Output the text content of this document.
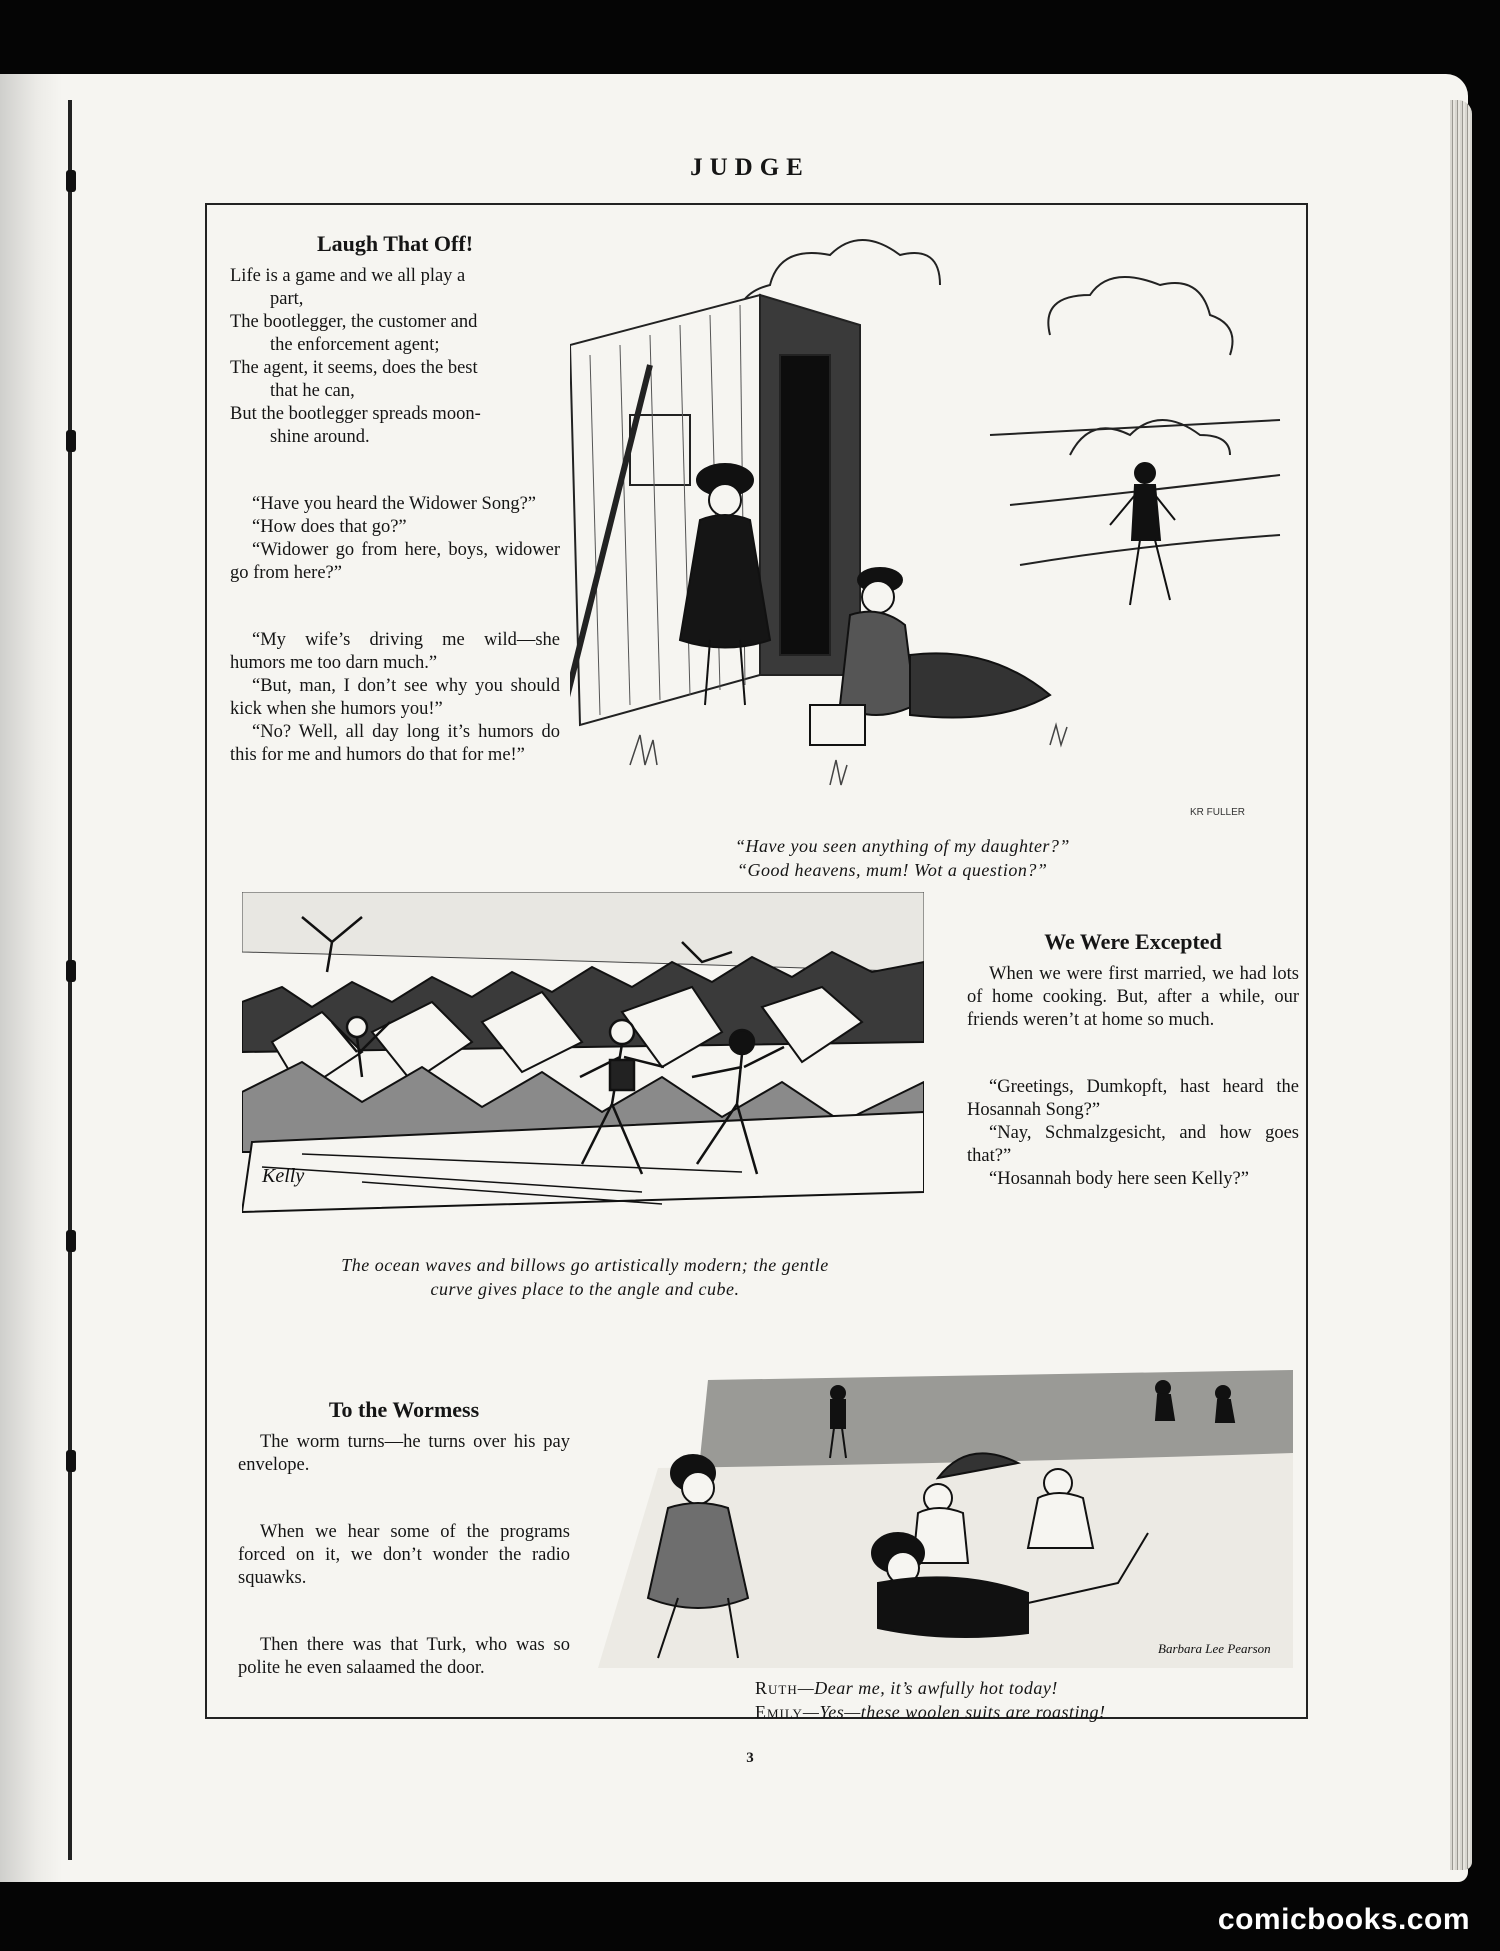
JUDGE
Laugh That Off!
Life is a game and we all play a
part,
The bootlegger, the customer and
the enforcement agent;
The agent, it seems, does the best
that he can,
But the bootlegger spreads moon-
shine around.

“Have you heard the Widower Song?”
“How does that go?”
“Widower go from here, boys, widower go from here?”

“My wife’s driving me wild—she humors me too darn much.”
“But, man, I don’t see why you should kick when she humors you!”
“No? Well, all day long it’s humors do this for me and humors do that for me!”

KR FULLER
“Have you seen anything of my daughter?”
“Good heavens, mum! Wot a question?”
Kelly
The ocean waves and billows go artistically modern; the gentle
curve gives place to the angle and cube.
We Were Excepted

When we were first married, we had lots of home cooking. But, after a while, our friends weren’t at home so much.

“Greetings, Dumkopft, hast heard the Hosannah Song?”
“Nay, Schmalzgesicht, and how goes that?”
“Hosannah body here seen Kelly?”

To the Wormess

The worm turns—he turns over his pay envelope.

When we hear some of the programs forced on it, we don’t wonder the radio squawks.

Then there was that Turk, who was so polite he even salaamed the door.

Barbara Lee Pearson
Ruth—Dear me, it’s awfully hot today!
Emily—Yes—these woolen suits are roasting!
3
comicbooks.com
